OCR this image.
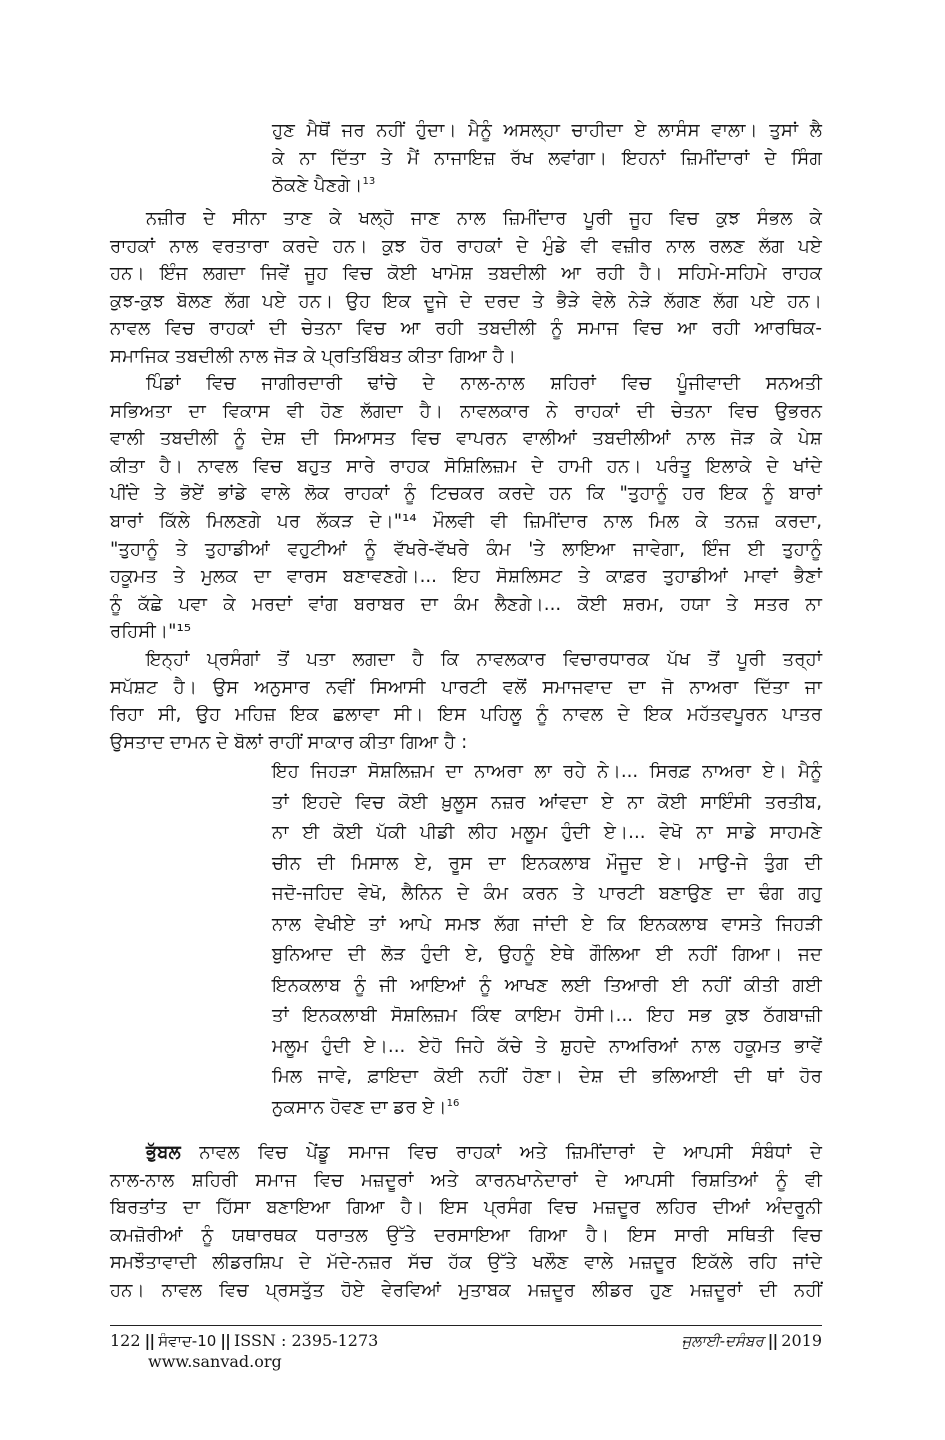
ਹੁਣ ਮੈਥੋਂ ਜਰ ਨਹੀਂ ਹੁੰਦਾ। ਮੈਨੂੰ ਅਸਲ੍ਹਾ ਚਾਹੀਦਾ ਏ ਲਾਸੰਸ ਵਾਲਾ। ਤੁਸਾਂ ਲੈ
ਕੇ ਨਾ ਦਿੱਤਾ ਤੇ ਮੈਂ ਨਾਜਾਇਜ਼ ਰੱਖ ਲਵਾਂਗਾ। ਇਹਨਾਂ ਜ਼ਿਮੀਂਦਾਰਾਂ ਦੇ ਸਿੰਗ
ਠੋਕਣੇ ਪੈਣਗੇ।$^{13}$
ਨਜ਼ੀਰ ਦੇ ਸੀਨਾ ਤਾਣ ਕੇ ਖਲ੍ਹੋ ਜਾਣ ਨਾਲ ਜ਼ਿਮੀਂਦਾਰ ਪੂਰੀ ਜੂਹ ਵਿਚ ਕੁਝ ਸੰਭਲ ਕੇ
ਰਾਹਕਾਂ ਨਾਲ ਵਰਤਾਰਾ ਕਰਦੇ ਹਨ। ਕੁਝ ਹੋਰ ਰਾਹਕਾਂ ਦੇ ਮੁੰਡੇ ਵੀ ਵਜ਼ੀਰ ਨਾਲ ਰਲਣ ਲੱਗ ਪਏ
ਹਨ। ਇੰਜ ਲਗਦਾ ਜਿਵੇਂ ਜੂਹ ਵਿਚ ਕੋਈ ਖਾਮੋਸ਼ ਤਬਦੀਲੀ ਆ ਰਹੀ ਹੈ। ਸਹਿਮੇ-ਸਹਿਮੇ ਰਾਹਕ
ਕੁਝ-ਕੁਝ ਬੋਲਣ ਲੱਗ ਪਏ ਹਨ। ਉਹ ਇਕ ਦੂਜੇ ਦੇ ਦਰਦ ਤੇ ਭੈੜੇ ਵੇਲੇ ਨੇੜੇ ਲੱਗਣ ਲੱਗ ਪਏ ਹਨ।
ਨਾਵਲ ਵਿਚ ਰਾਹਕਾਂ ਦੀ ਚੇਤਨਾ ਵਿਚ ਆ ਰਹੀ ਤਬਦੀਲੀ ਨੂੰ ਸਮਾਜ ਵਿਚ ਆ ਰਹੀ ਆਰਥਿਕ-
ਸਮਾਜਿਕ ਤਬਦੀਲੀ ਨਾਲ ਜੋੜ ਕੇ ਪ੍ਰਤਿਬਿੰਬਤ ਕੀਤਾ ਗਿਆ ਹੈ।
ਪਿੰਡਾਂ ਵਿਚ ਜਾਗੀਰਦਾਰੀ ਢਾਂਚੇ ਦੇ ਨਾਲ-ਨਾਲ ਸ਼ਹਿਰਾਂ ਵਿਚ ਪੂੰਜੀਵਾਦੀ ਸਨਅਤੀ
ਸਭਿਅਤਾ ਦਾ ਵਿਕਾਸ ਵੀ ਹੋਣ ਲੱਗਦਾ ਹੈ। ਨਾਵਲਕਾਰ ਨੇ ਰਾਹਕਾਂ ਦੀ ਚੇਤਨਾ ਵਿਚ ਉਭਰਨ
ਵਾਲੀ ਤਬਦੀਲੀ ਨੂੰ ਦੇਸ਼ ਦੀ ਸਿਆਸਤ ਵਿਚ ਵਾਪਰਨ ਵਾਲੀਆਂ ਤਬਦੀਲੀਆਂ ਨਾਲ ਜੋੜ ਕੇ ਪੇਸ਼
ਕੀਤਾ ਹੈ। ਨਾਵਲ ਵਿਚ ਬਹੁਤ ਸਾਰੇ ਰਾਹਕ ਸੋਸ਼ਿਲਿਜ਼ਮ ਦੇ ਹਾਮੀ ਹਨ। ਪਰੰਤੂ ਇਲਾਕੇ ਦੇ ਖਾਂਦੇ
ਪੀਂਦੇ ਤੇ ਭੋਏਂ ਭਾਂਡੇ ਵਾਲੇ ਲੋਕ ਰਾਹਕਾਂ ਨੂੰ ਟਿਚਕਰ ਕਰਦੇ ਹਨ ਕਿ "ਤੁਹਾਨੂੰ ਹਰ ਇਕ ਨੂੰ ਬਾਰਾਂ
ਬਾਰਾਂ ਕਿੱਲੇ ਮਿਲਣਗੇ ਪਰ ਲੱਕੜ ਦੇ।"¹⁴ ਮੌਲਵੀ ਵੀ ਜ਼ਿਮੀਂਦਾਰ ਨਾਲ ਮਿਲ ਕੇ ਤਨਜ਼ ਕਰਦਾ,
"ਤੁਹਾਨੂੰ ਤੇ ਤੁਹਾਡੀਆਂ ਵਹੁਟੀਆਂ ਨੂੰ ਵੱਖਰੇ-ਵੱਖਰੇ ਕੰਮ 'ਤੇ ਲਾਇਆ ਜਾਵੇਗਾ, ਇੰਜ ਈ ਤੁਹਾਨੂੰ
ਹਕੂਮਤ ਤੇ ਮੁਲਕ ਦਾ ਵਾਰਸ ਬਣਾਵਣਗੇ।... ਇਹ ਸੋਸ਼ਲਿਸਟ ਤੇ ਕਾਫ਼ਰ ਤੁਹਾਡੀਆਂ ਮਾਵਾਂ ਭੈਣਾਂ
ਨੂੰ ਕੱਛੇ ਪਵਾ ਕੇ ਮਰਦਾਂ ਵਾਂਗ ਬਰਾਬਰ ਦਾ ਕੰਮ ਲੈਣਗੇ।... ਕੋਈ ਸ਼ਰਮ, ਹਯਾ ਤੇ ਸਤਰ ਨਾ
ਰਹਿਸੀ।"¹⁵
ਇਨ੍ਹਾਂ ਪ੍ਰਸੰਗਾਂ ਤੋਂ ਪਤਾ ਲਗਦਾ ਹੈ ਕਿ ਨਾਵਲਕਾਰ ਵਿਚਾਰਧਾਰਕ ਪੱਖ ਤੋਂ ਪੂਰੀ ਤਰ੍ਹਾਂ
ਸਪੱਸ਼ਟ ਹੈ। ਉਸ ਅਨੁਸਾਰ ਨਵੀਂ ਸਿਆਸੀ ਪਾਰਟੀ ਵਲੋਂ ਸਮਾਜਵਾਦ ਦਾ ਜੋ ਨਾਅਰਾ ਦਿੱਤਾ ਜਾ
ਰਿਹਾ ਸੀ, ਉਹ ਮਹਿਜ਼ ਇਕ ਛਲਾਵਾ ਸੀ। ਇਸ ਪਹਿਲੂ ਨੂੰ ਨਾਵਲ ਦੇ ਇਕ ਮਹੱਤਵਪੂਰਨ ਪਾਤਰ
ਉਸਤਾਦ ਦਾਮਨ ਦੇ ਬੋਲਾਂ ਰਾਹੀਂ ਸਾਕਾਰ ਕੀਤਾ ਗਿਆ ਹੈ :
ਇਹ ਜਿਹੜਾ ਸੋਸ਼ਲਿਜ਼ਮ ਦਾ ਨਾਅਰਾ ਲਾ ਰਹੇ ਨੇ।... ਸਿਰਫ਼ ਨਾਅਰਾ ਏ। ਮੈਨੂੰ
ਤਾਂ ਇਹਦੇ ਵਿਚ ਕੋਈ ਖ਼ੁਲੂਸ ਨਜ਼ਰ ਆਂਵਦਾ ਏ ਨਾ ਕੋਈ ਸਾਇੰਸੀ ਤਰਤੀਬ,
ਨਾ ਈ ਕੋਈ ਪੱਕੀ ਪੀਡੀ ਲੀਹ ਮਲੂਮ ਹੁੰਦੀ ਏ।... ਵੇਖੋ ਨਾ ਸਾਡੇ ਸਾਹਮਣੇ
ਚੀਨ ਦੀ ਮਿਸਾਲ ਏ, ਰੂਸ ਦਾ ਇਨਕਲਾਬ ਮੌਜੂਦ ਏ। ਮਾਉ-ਜੇ ਤੁੰਗ ਦੀ
ਜਦੋ-ਜਹਿਦ ਵੇਖੋ, ਲੈਨਿਨ ਦੇ ਕੰਮ ਕਰਨ ਤੇ ਪਾਰਟੀ ਬਣਾਉਣ ਦਾ ਢੰਗ ਗਹੁ
ਨਾਲ ਵੇਖੀਏ ਤਾਂ ਆਪੇ ਸਮਝ ਲੱਗ ਜਾਂਦੀ ਏ ਕਿ ਇਨਕਲਾਬ ਵਾਸਤੇ ਜਿਹੜੀ
ਬੁਨਿਆਦ ਦੀ ਲੋੜ ਹੁੰਦੀ ਏ, ਉਹਨੂੰ ਏਥੇ ਗੌਲਿਆ ਈ ਨਹੀਂ ਗਿਆ। ਜਦ
ਇਨਕਲਾਬ ਨੂੰ ਜੀ ਆਇਆਂ ਨੂੰ ਆਖਣ ਲਈ ਤਿਆਰੀ ਈ ਨਹੀਂ ਕੀਤੀ ਗਈ
ਤਾਂ ਇਨਕਲਾਬੀ ਸੋਸ਼ਲਿਜ਼ਮ ਕਿੰਞ ਕਾਇਮ ਹੋਸੀ।... ਇਹ ਸਭ ਕੁਝ ਠੱਗਬਾਜ਼ੀ
ਮਲੂਮ ਹੁੰਦੀ ਏ।... ਏਹੋ ਜਿਹੇ ਕੱਚੇ ਤੇ ਸ਼ੁਹਦੇ ਨਾਅਰਿਆਂ ਨਾਲ ਹਕੂਮਤ ਭਾਵੇਂ
ਮਿਲ ਜਾਵੇ, ਫ਼ਾਇਦਾ ਕੋਈ ਨਹੀਂ ਹੋਣਾ। ਦੇਸ਼ ਦੀ ਭਲਿਆਈ ਦੀ ਥਾਂ ਹੋਰ
ਨੁਕਸਾਨ ਹੋਵਣ ਦਾ ਡਰ ਏ।$^{16}$
ਭੁੱਬਲ ਨਾਵਲ ਵਿਚ ਪੇਂਡੂ ਸਮਾਜ ਵਿਚ ਰਾਹਕਾਂ ਅਤੇ ਜ਼ਿਮੀਂਦਾਰਾਂ ਦੇ ਆਪਸੀ ਸੰਬੰਧਾਂ ਦੇ
ਨਾਲ-ਨਾਲ ਸ਼ਹਿਰੀ ਸਮਾਜ ਵਿਚ ਮਜ਼ਦੂਰਾਂ ਅਤੇ ਕਾਰਨਖਾਨੇਦਾਰਾਂ ਦੇ ਆਪਸੀ ਰਿਸ਼ਤਿਆਂ ਨੂੰ ਵੀ
ਬਿਰਤਾਂਤ ਦਾ ਹਿੱਸਾ ਬਣਾਇਆ ਗਿਆ ਹੈ। ਇਸ ਪ੍ਰਸੰਗ ਵਿਚ ਮਜ਼ਦੂਰ ਲਹਿਰ ਦੀਆਂ ਅੰਦਰੂਨੀ
ਕਮਜ਼ੋਰੀਆਂ ਨੂੰ ਯਥਾਰਥਕ ਧਰਾਤਲ ਉੱਤੇ ਦਰਸਾਇਆ ਗਿਆ ਹੈ। ਇਸ ਸਾਰੀ ਸਥਿਤੀ ਵਿਚ
ਸਮਝੌਤਾਵਾਦੀ ਲੀਡਰਸ਼ਿਪ ਦੇ ਮੱਦੇ-ਨਜ਼ਰ ਸੱਚ ਹੱਕ ਉੱਤੇ ਖਲੌਣ ਵਾਲੇ ਮਜ਼ਦੂਰ ਇਕੱਲੇ ਰਹਿ ਜਾਂਦੇ
ਹਨ। ਨਾਵਲ ਵਿਚ ਪ੍ਰਸਤੁੱਤ ਹੋਏ ਵੇਰਵਿਆਂ ਮੁਤਾਬਕ ਮਜ਼ਦੂਰ ਲੀਡਰ ਹੁਣ ਮਜ਼ਦੂਰਾਂ ਦੀ ਨਹੀਂ
122 || ਸੰਵਾਦ-10 || ISSN : 2395-1273
www.sanvad.org
ਜੁਲਾਈ-ਦਸੰਬਰ || 2019
